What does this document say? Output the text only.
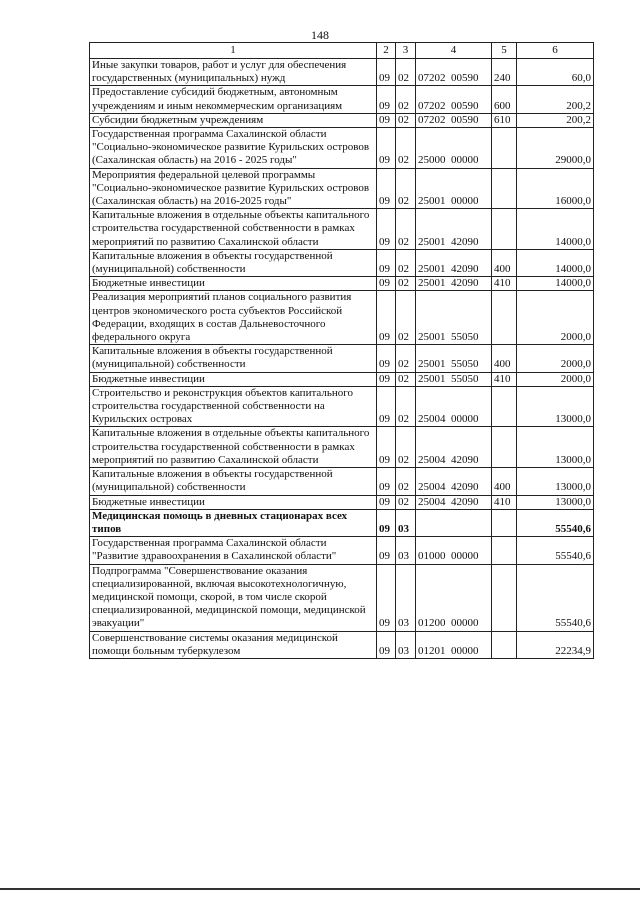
148
1	2	3	4	5	6
Иные закупки товаров, работ и услуг для обеспечения государственных (муниципальных) нужд	09	02	07202  00590	240	60,0
Предоставление субсидий бюджетным, автономным учреждениям и иным некоммерческим организациям	09	02	07202  00590	600	200,2
Субсидии бюджетным учреждениям	09	02	07202  00590	610	200,2
Государственная программа Сахалинской области "Социально-экономическое развитие Курильских островов (Сахалинская область) на 2016 - 2025 годы"	09	02	25000  00000		29000,0
Мероприятия федеральной целевой программы "Социально-экономическое развитие Курильских островов (Сахалинская область) на 2016-2025 годы"	09	02	25001  00000		16000,0
Капитальные вложения в отдельные объекты капитального строительства государственной собственности в рамках мероприятий по развитию Сахалинской области	09	02	25001  42090		14000,0
Капитальные вложения в объекты государственной (муниципальной) собственности	09	02	25001  42090	400	14000,0
Бюджетные инвестиции	09	02	25001  42090	410	14000,0
Реализация мероприятий планов социального развития центров экономического роста субъектов Российской Федерации, входящих в состав Дальневосточного федерального округа	09	02	25001  55050		2000,0
Капитальные вложения в объекты государственной (муниципальной) собственности	09	02	25001  55050	400	2000,0
Бюджетные инвестиции	09	02	25001  55050	410	2000,0
Строительство и реконструкция объектов капитального строительства государственной собственности на Курильских островах	09	02	25004  00000		13000,0
Капитальные вложения в отдельные объекты капитального строительства государственной собственности в рамках мероприятий по развитию Сахалинской области	09	02	25004  42090		13000,0
Капитальные вложения в объекты государственной (муниципальной) собственности	09	02	25004  42090	400	13000,0
Бюджетные инвестиции	09	02	25004  42090	410	13000,0
Медицинская помощь в дневных стационарах всех типов	09	03			55540,6
Государственная программа Сахалинской области "Развитие здравоохранения в Сахалинской области"	09	03	01000  00000		55540,6
Подпрограмма "Совершенствование оказания специализированной, включая высокотехнологичную, медицинской помощи, скорой, в том числе скорой специализированной, медицинской помощи, медицинской эвакуации"	09	03	01200  00000		55540,6
Совершенствование системы оказания медицинской помощи больным туберкулезом	09	03	01201  00000		22234,9
